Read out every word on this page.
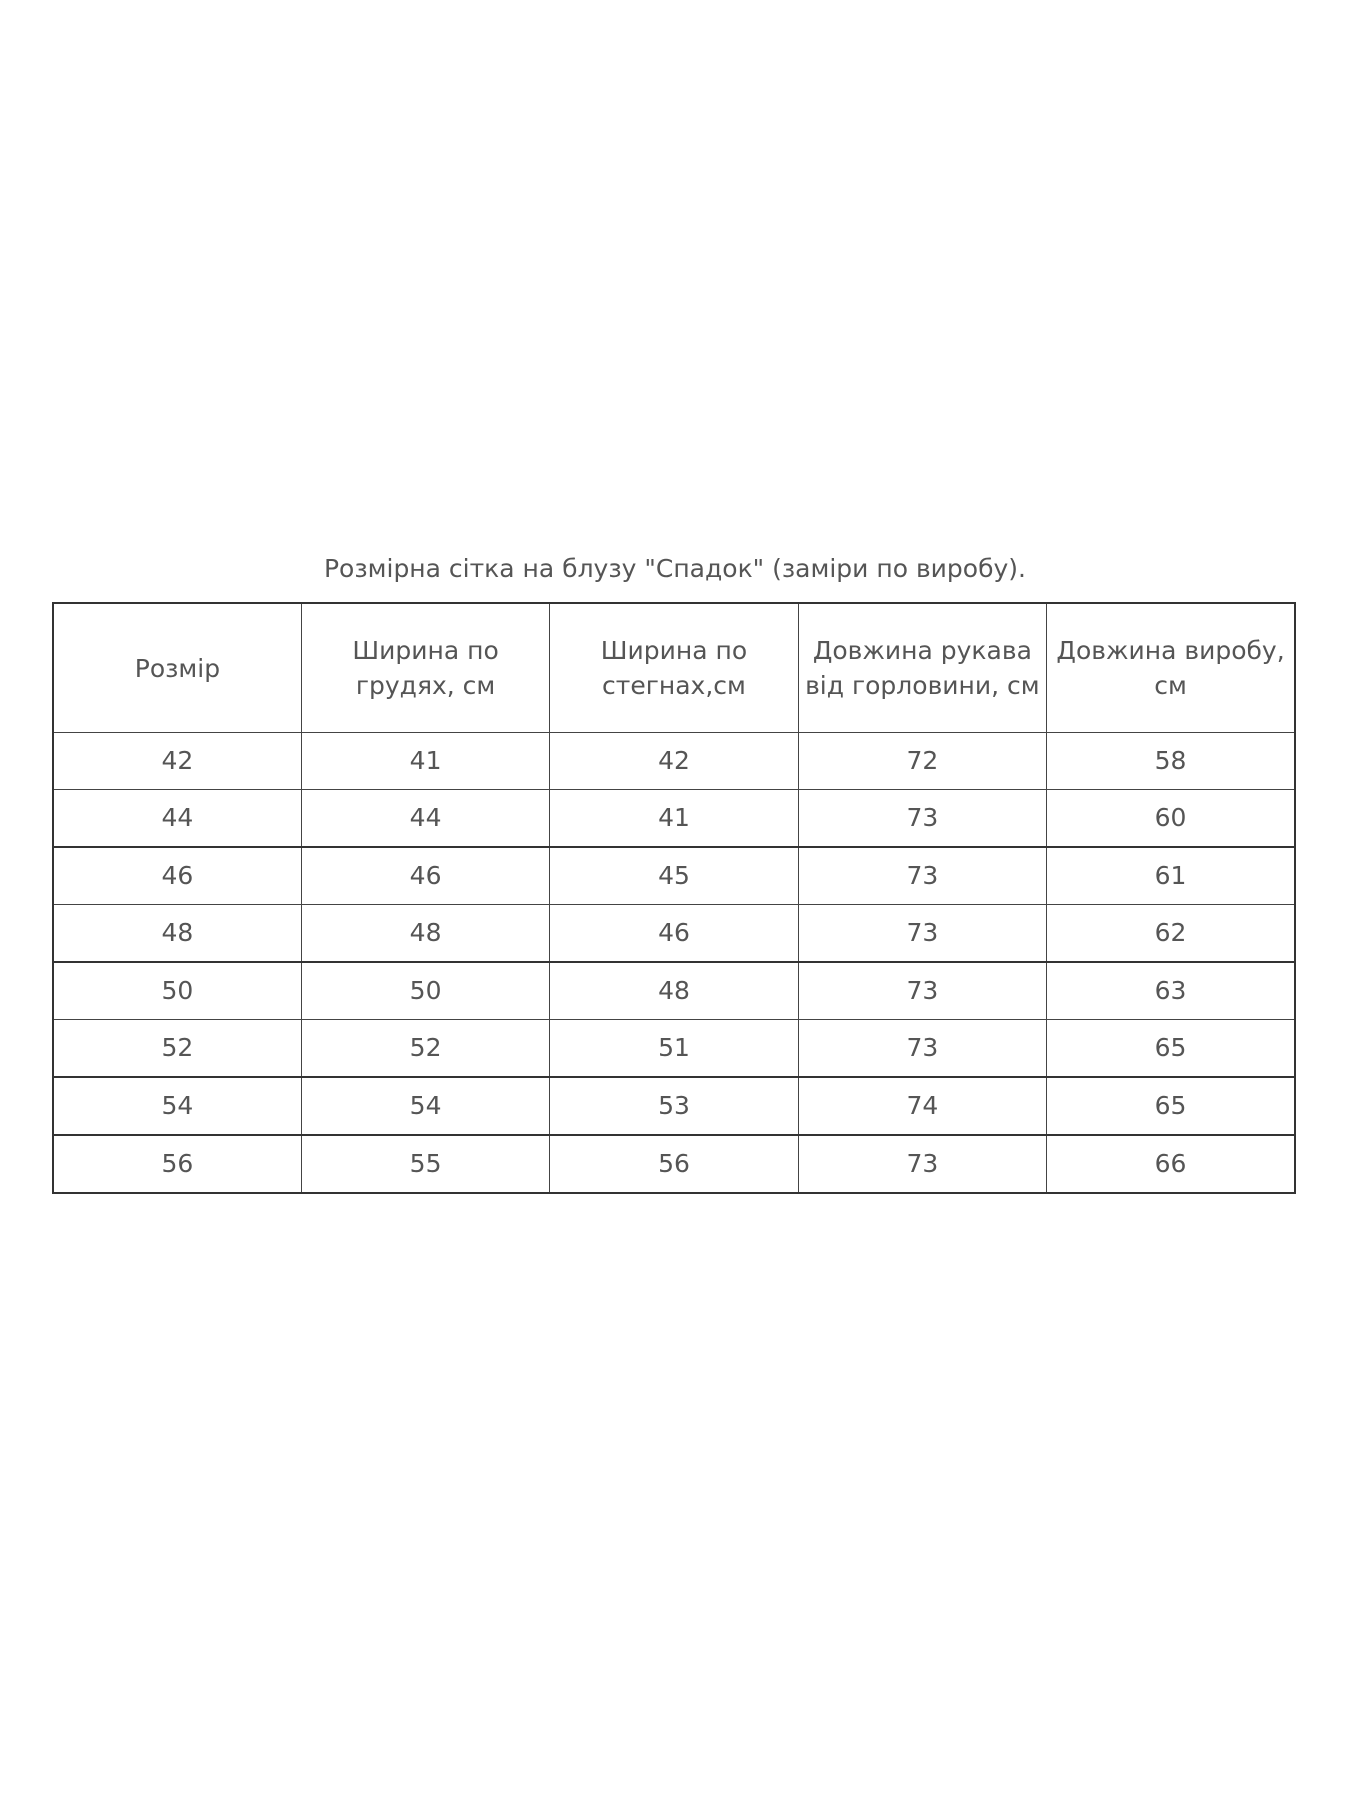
Розмірна сітка на блузу "Спадок" (заміри по виробу).
Розмір	Ширина по грудях, см	Ширина по стегнах,см	Довжина рукава від горловини, см	Довжина виробу, см
42	41	42	72	58
44	44	41	73	60
46	46	45	73	61
48	48	46	73	62
50	50	48	73	63
52	52	51	73	65
54	54	53	74	65
56	55	56	73	66
